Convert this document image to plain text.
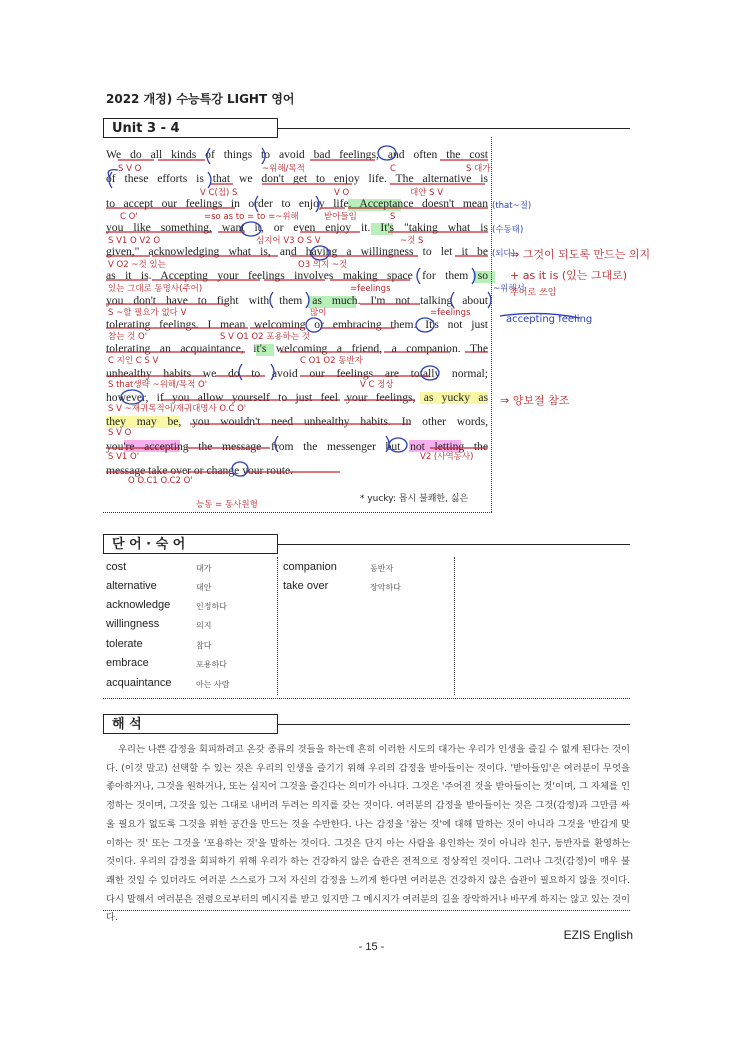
2022 개정) 수능특강 LIGHT 영어
Unit 3 - 4
We do all kinds of things to avoid bad feelings, and often the cost
of these efforts is that we don't get to enjoy life. The alternative is
to accept our feelings in order to enjoy life. Acceptance doesn't mean
you like something, want it, or even enjoy it. It's "taking what is
given," acknowledging what is, and having a willingness to let it be
as it is. Accepting your feelings involves making space for them so
you don't have to fight with them as much. I'm not talking about
tolerating feelings. I mean welcoming or embracing them. It's not just
tolerating an acquaintance, it's welcoming a friend, a companion. The
unhealthy habits we do to avoid our feelings are totally normal;
however, if you allow yourself to just feel your feelings, as yucky as
they may be, you wouldn't need unhealthy habits. In other words,
you're accepting the message from the messenger but not letting the
message take over or change your route.
* yucky: 몹시 불쾌한, 싫은
S V O	~위해/목적	C	S 대가
V C(접) S	V O	대안 S V
(that~절)
C O'	=so as to = to =~위해	받아들임	S
(수동태)
S V1 O V2 O	심지어 V3 O S V	~것 S
V O2 ~것 있는	O3 의지 ~것
(되다)
있는 그대로 동명사(주어)	=feelings	~위해서
S ~할 필요가 없다 V	많이	=feelings
참는 것 O'	S V O1 O2 포용하는 것
C 지인 C S V	C O1 O2 동반자
S that생략 ~위해/목적 O'	V C 정상
S V ~재귀목적어/재귀대명사 O.C O'
S V O
S V1 O'	V2 (사역동사)
O O.C1 O.C2 O'
능동 = 동사원형
⇒ 그것이 되도록 만드는 의지
+ as it is (있는 그대로)
주어로 쓰임
⇒ 양보절 참조
accepting feeling
단 어 · 숙 어
cost	대가
alternative	대안
acknowledge	인정하다
willingness	의지
tolerate	참다
embrace	포용하다
acquaintance	아는 사람
companion	동반자
take over	장악하다
해 석
우리는 나쁜 감정을 회피하려고 온갖 종류의 것들을 하는데 흔히 이러한 시도의 대가는 우리가 인생을 즐길 수 없게 된다는 것이다. (이것 말고) 선택할 수 있는 것은 우리의 인생을 즐기기 위해 우리의 감정을 받아들이는 것이다. '받아들임'은 여러분이 무엇을 좋아하거나, 그것을 원하거나, 또는 심지어 그것을 즐긴다는 의미가 아니다. 그것은 '주어진 것을 받아들이는 것'이며, 그 자체를 인정하는 것이며, 그것을 있는 그대로 내버려 두려는 의지를 갖는 것이다. 여러분의 감정을 받아들이는 것은 그것(감정)과 그만큼 싸울 필요가 없도록 그것을 위한 공간을 만드는 것을 수반한다. 나는 감정을 '참는 것'에 대해 말하는 것이 아니라 그것을 '반갑게 맞이하는 것' 또는 그것을 '포용하는 것'을 말하는 것이다. 그것은 단지 아는 사람을 용인하는 것이 아니라 친구, 동반자를 환영하는 것이다. 우리의 감정을 회피하기 위해 우리가 하는 건강하지 않은 습관은 전적으로 정상적인 것이다. 그러나 그것(감정)이 매우 불쾌한 것일 수 있더라도 여러분 스스로가 그저 자신의 감정을 느끼게 한다면 여러분은 건강하지 않은 습관이 필요하지 않을 것이다. 다시 말해서 여러분은 전령으로부터의 메시지를 받고 있지만 그 메시지가 여러분의 길을 장악하거나 바꾸게 하지는 않고 있는 것이다.
EZIS English
- 15 -
